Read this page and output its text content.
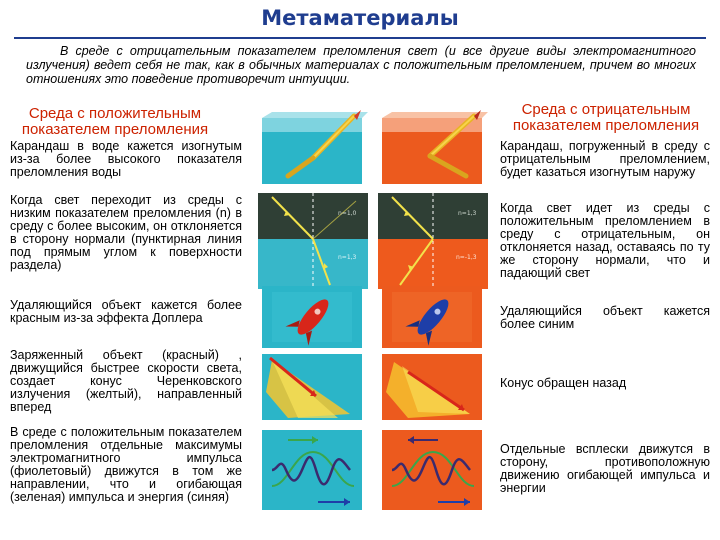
Метаматериалы
В среде с отрицательным показателем преломления свет (и все другие виды электромагнитного излучения) ведет себя не так, как в обычных материалах с положительным преломлением, причем во многих отношениях это поведение противоречит интуиции.
Среда с положительным показателем преломления
Среда с отрицательным показателем преломления
Карандаш в воде кажется изогнутым из-за более высокого показателя преломления воды
Когда свет переходит из среды с низким показателем преломления (n) в среду с более высоким, он отклоняется в сторону нормали (пунктирная линия под прямым углом к поверхности раздела)
Удаляющийся объект кажется более красным из-за эффекта Доплера
Заряженный объект (красный) , движущийся быстрее скорости света, создает конус Черенковского излучения (желтый), направленный вперед
В среде с положительным показателем преломления отдельные максимумы электромагнитного импульса (фиолетовый) движутся в том же направлении, что и огибающая (зеленая) импульса и энергия (синяя)
Карандаш, погруженный в среду с отрицательным преломлением, будет казаться изогнутым наружу
Когда свет идет из среды с положительным преломлением в среду с отрицательным, он отклоняется назад, оставаясь по ту же сторону нормали, что и падающий свет
Удаляющийся объект кажется более синим
Конус обращен назад
Отдельные всплески движутся в сторону, противоположную движению огибающей импульса и энергии
n=1,0
n=1,3
n=1,3
n=-1,3
